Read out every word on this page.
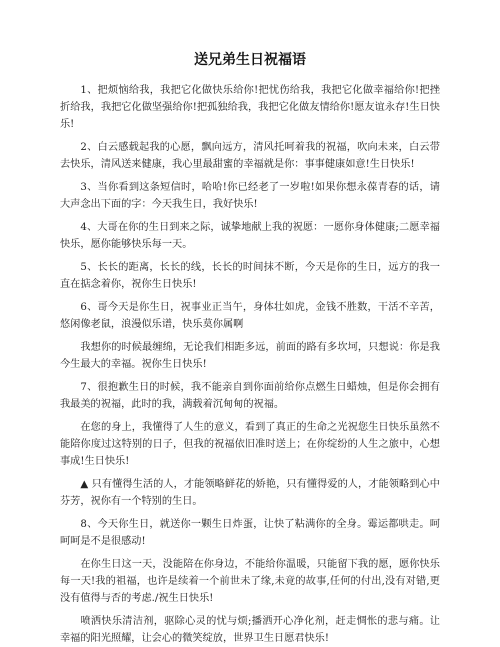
送兄弟生日祝福语

1、把烦恼给我，我把它化做快乐给你!把忧伤给我，我把它化做幸福给你!把挫折给我，我把它化做坚强给你!把孤独给我，我把它化做友情给你!愿友谊永存!生日快乐!

2、白云感载起我的心愿，飘向远方，清风托呵着我的祝福，吹向未来，白云带去快乐，清风送来健康，我心里最甜蜜的幸福就是你：事事健康如意!生日快乐!

3、当你看到这条短信时，哈哈!你已经老了一岁啦!如果你想永葆青春的话，请大声念出下面的字：今天我生日，我好快乐!

4、大哥在你的生日到来之际，诚挚地献上我的祝愿：一愿你身体健康;二愿幸福快乐，愿你能够快乐每一天。

5、长长的距离，长长的线，长长的时间抹不断，今天是你的生日，远方的我一直在掂念着你，祝你生日快乐!

6、哥今天是你生日，祝事业正当午，身体壮如虎，金钱不胜数，干活不辛苦，悠闲像老鼠，浪漫似乐谱，快乐莫你属啊

我想你的时候最缠绵，无论我们相距多远，前面的路有多坎坷，只想说：你是我今生最大的幸福。祝你生日快乐!

7、很抱歉生日的时候，我不能亲自到你面前给你点燃生日蜡烛，但是你会拥有我最美的祝福，此时的我，满载着沉甸甸的祝福。

在您的身上，我懂得了人生的意义，看到了真正的生命之光祝您生日快乐虽然不能陪你度过这特别的日子，但我的祝福依旧准时送上；在你绽纷的人生之旅中，心想事成!生日快乐!

▲ 只有懂得生活的人，才能领略鲜花的娇艳，只有懂得爱的人，才能领略到心中芬芳，祝你有一个特别的生日。

8、今天你生日，就送你一颗生日炸蛋，让快了粘满你的全身。霉运都哄走。呵呵呵是不是很感动!

在你生日这一天，没能陪在你身边，不能给你温暖，只能留下我的愿，愿你快乐每一天!我的祖福，也许是续着一个前世未了缘,未竟的故事,任何的付出,没有对错,更没有值得与否的考虑./祝生日快乐!

喷洒快乐清洁剂，驱除心灵的忧与烦;播洒开心净化剂，赶走惆怅的悲与痛。让幸福的阳光照耀，让会心的微笑绽放，世界卫生日愿君快乐!
